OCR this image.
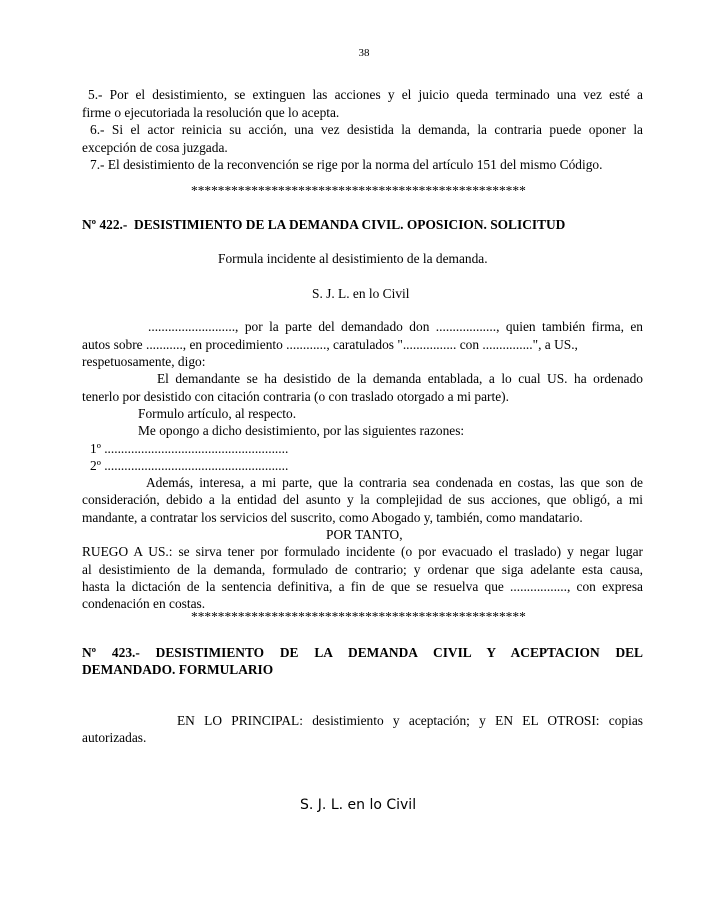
38
5.- Por el desistimiento, se extinguen las acciones y el juicio queda terminado una vez esté a
firme o ejecutoriada la resolución que lo acepta.
6.- Si el actor reinicia su acción, una vez desistida la demanda, la contraria puede oponer la
excepción de cosa juzgada.
7.- El desistimiento de la reconvención se rige por la norma del artículo 151 del mismo Código.
**************************************************
Nº 422.-  DESISTIMIENTO DE LA DEMANDA CIVIL. OPOSICION. SOLICITUD
Formula incidente al desistimiento de la demanda.
S. J. L. en lo Civil
.........................., por la parte del demandado don .................., quien también firma, en
autos sobre ..........., en procedimiento ............, caratulados "................ con ...............", a US.,
respetuosamente, digo:
El demandante se ha desistido de la demanda entablada, a lo cual US. ha ordenado
tenerlo por desistido con citación contraria (o con traslado otorgado a mi parte).
Formulo artículo, al respecto.
Me opongo a dicho desistimiento, por las siguientes razones:
1º .......................................................
2º .......................................................
Además, interesa, a mi parte, que la contraria sea condenada en costas, las que son de
consideración, debido a la entidad del asunto y la complejidad de sus acciones, que obligó, a mi
mandante, a contratar los servicios del suscrito, como Abogado y, también, como mandatario.
POR TANTO,
RUEGO A US.: se sirva tener por formulado incidente (o por evacuado el traslado) y negar lugar
al desistimiento de la demanda, formulado de contrario; y ordenar que siga adelante esta causa,
hasta la dictación de la sentencia definitiva, a fin de que se resuelva que ................., con expresa
condenación en costas.
**************************************************
Nº 423.- DESISTIMIENTO DE LA DEMANDA CIVIL Y ACEPTACION DEL
DEMANDADO. FORMULARIO
EN LO PRINCIPAL: desistimiento y aceptación; y EN EL OTROSI: copias
autorizadas.
S. J. L. en lo Civil
